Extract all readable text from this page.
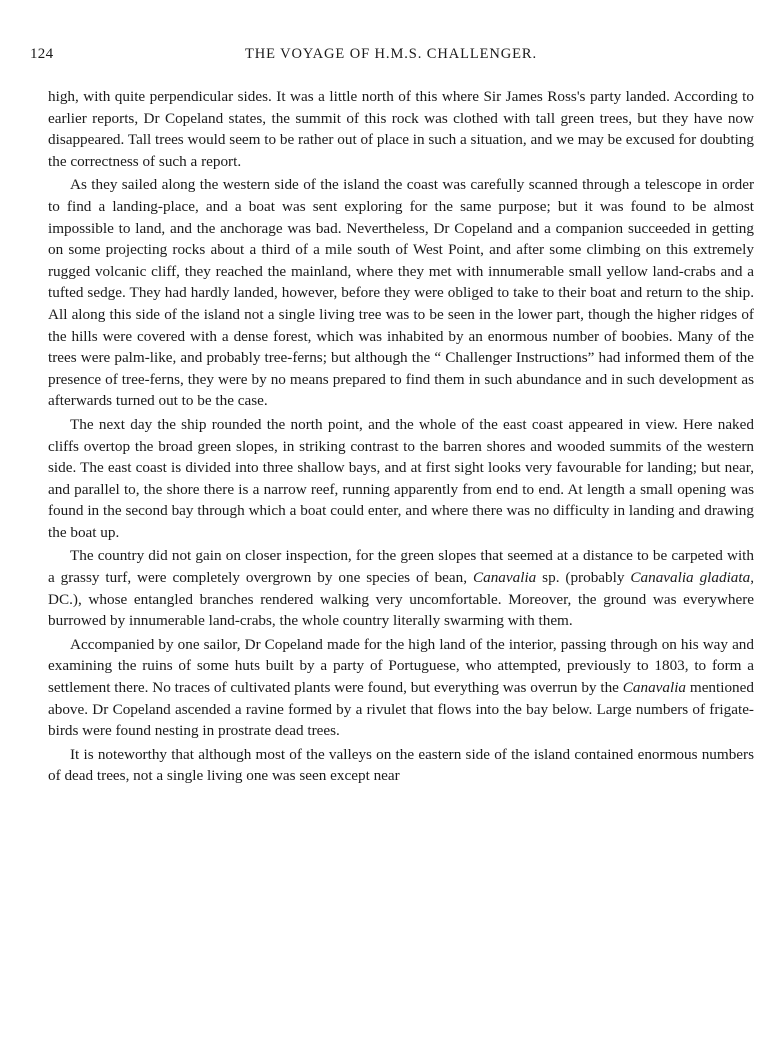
124	THE VOYAGE OF H.M.S. CHALLENGER.

high, with quite perpendicular sides. It was a little north of this where Sir James Ross's party landed. According to earlier reports, Dr Copeland states, the summit of this rock was clothed with tall green trees, but they have now disappeared. Tall trees would seem to be rather out of place in such a situation, and we may be excused for doubting the correctness of such a report.

As they sailed along the western side of the island the coast was carefully scanned through a telescope in order to find a landing-place, and a boat was sent exploring for the same purpose; but it was found to be almost impossible to land, and the anchorage was bad. Nevertheless, Dr Copeland and a companion succeeded in getting on some projecting rocks about a third of a mile south of West Point, and after some climbing on this extremely rugged volcanic cliff, they reached the mainland, where they met with innumerable small yellow land-crabs and a tufted sedge. They had hardly landed, however, before they were obliged to take to their boat and return to the ship. All along this side of the island not a single living tree was to be seen in the lower part, though the higher ridges of the hills were covered with a dense forest, which was inhabited by an enormous number of boobies. Many of the trees were palm-like, and probably tree-ferns; but although the “ Challenger Instructions” had informed them of the presence of tree-ferns, they were by no means prepared to find them in such abundance and in such development as afterwards turned out to be the case.

The next day the ship rounded the north point, and the whole of the east coast appeared in view. Here naked cliffs overtop the broad green slopes, in striking contrast to the barren shores and wooded summits of the western side. The east coast is divided into three shallow bays, and at first sight looks very favourable for landing; but near, and parallel to, the shore there is a narrow reef, running apparently from end to end. At length a small opening was found in the second bay through which a boat could enter, and where there was no difficulty in landing and drawing the boat up.

The country did not gain on closer inspection, for the green slopes that seemed at a distance to be carpeted with a grassy turf, were completely overgrown by one species of bean, Canavalia sp. (probably Canavalia gladiata, DC.), whose entangled branches rendered walking very uncomfortable. Moreover, the ground was everywhere burrowed by innumerable land-crabs, the whole country literally swarming with them.

Accompanied by one sailor, Dr Copeland made for the high land of the interior, passing through on his way and examining the ruins of some huts built by a party of Portuguese, who attempted, previously to 1803, to form a settlement there. No traces of cultivated plants were found, but everything was overrun by the Canavalia mentioned above. Dr Copeland ascended a ravine formed by a rivulet that flows into the bay below. Large numbers of frigate-birds were found nesting in prostrate dead trees.

It is noteworthy that although most of the valleys on the eastern side of the island contained enormous numbers of dead trees, not a single living one was seen except near
